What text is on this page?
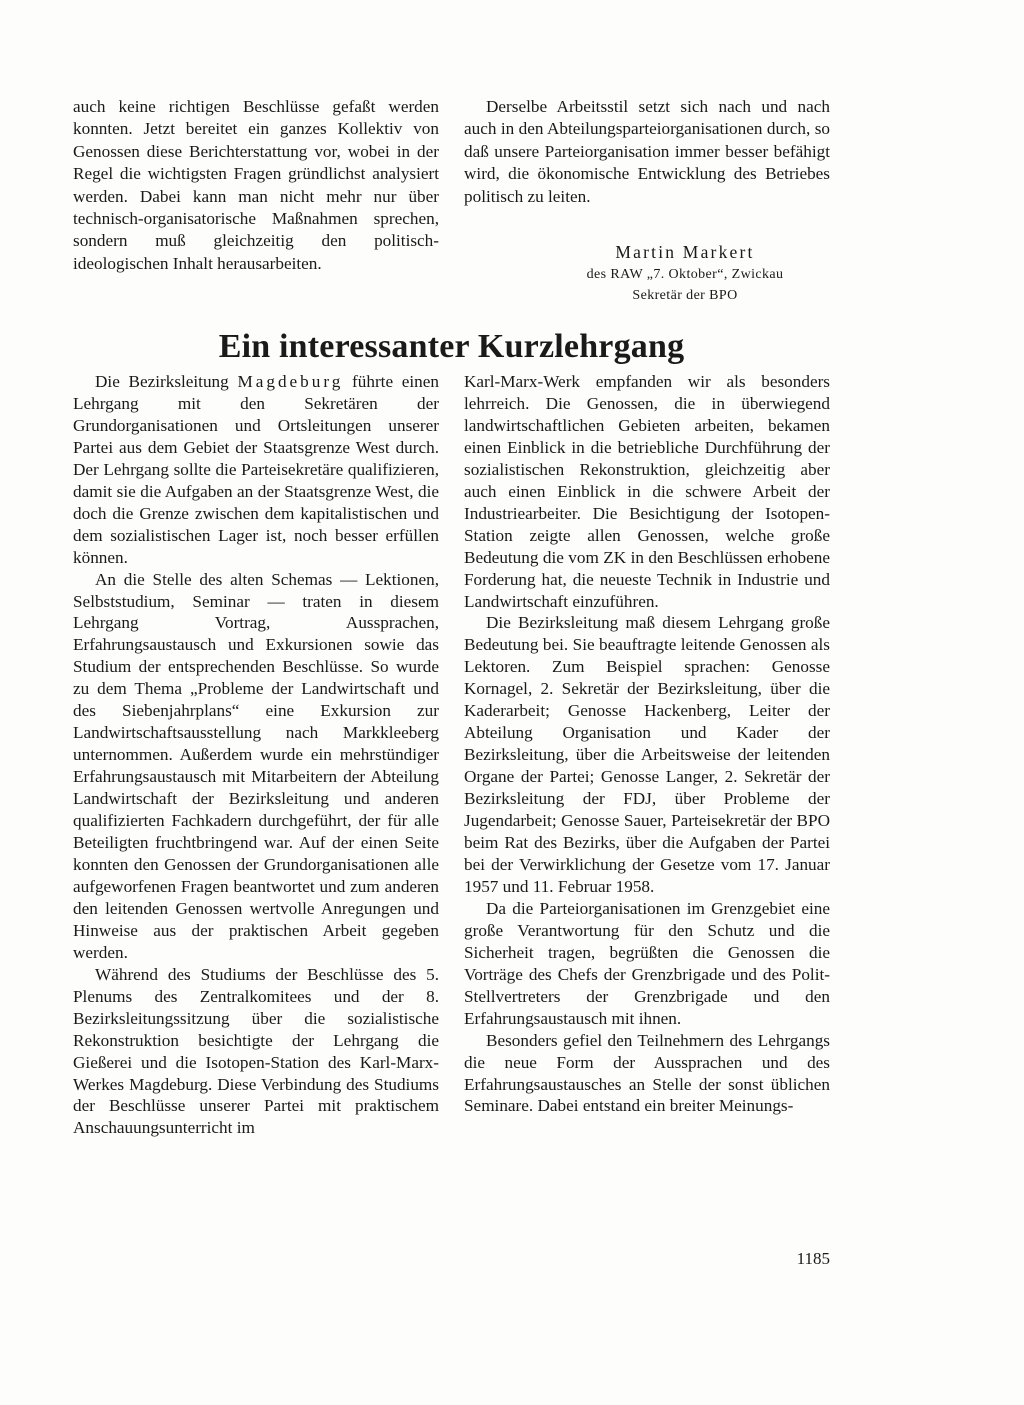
auch keine richtigen Beschlüsse gefaßt werden konnten. Jetzt bereitet ein ganzes Kollektiv von Genossen diese Berichterstattung vor, wobei in der Regel die wichtigsten Fragen gründlichst analysiert werden. Dabei kann man nicht mehr nur über technisch-organisatorische Maßnahmen sprechen, sondern muß gleichzeitig den politisch-ideologischen Inhalt herausarbeiten.

Derselbe Arbeitsstil setzt sich nach und nach auch in den Abteilungsparteiorganisationen durch, so daß unsere Parteiorganisation immer besser befähigt wird, die ökonomische Entwicklung des Betriebes politisch zu leiten.

Martin Markert
des RAW „7. Oktober“, Zwickau
Sekretär der BPO
Ein interessanter Kurzlehrgang

Die Bezirksleitung Magdeburg führte einen Lehrgang mit den Sekretären der Grundorganisationen und Ortsleitungen unserer Partei aus dem Gebiet der Staatsgrenze West durch. Der Lehrgang sollte die Parteisekretäre qualifizieren, damit sie die Aufgaben an der Staatsgrenze West, die doch die Grenze zwischen dem kapitalistischen und dem sozialistischen Lager ist, noch besser erfüllen können.

An die Stelle des alten Schemas — Lektionen, Selbststudium, Seminar — traten in diesem Lehrgang Vortrag, Aussprachen, Erfahrungsaustausch und Exkursionen sowie das Studium der entsprechenden Beschlüsse. So wurde zu dem Thema „Probleme der Landwirtschaft und des Siebenjahrplans“ eine Exkursion zur Landwirtschaftsausstellung nach Markkleeberg unternommen. Außerdem wurde ein mehrstündiger Erfahrungsaustausch mit Mitarbeitern der Abteilung Landwirtschaft der Bezirksleitung und anderen qualifizierten Fachkadern durchgeführt, der für alle Beteiligten fruchtbringend war. Auf der einen Seite konnten den Genossen der Grundorganisationen alle aufgeworfenen Fragen beantwortet und zum anderen den leitenden Genossen wertvolle Anregungen und Hinweise aus der praktischen Arbeit gegeben werden.

Während des Studiums der Beschlüsse des 5. Plenums des Zentralkomitees und der 8. Bezirksleitungssitzung über die sozialistische Rekonstruktion besichtigte der Lehrgang die Gießerei und die Isotopen-Station des Karl-Marx-Werkes Magdeburg. Diese Verbindung des Studiums der Beschlüsse unserer Partei mit praktischem Anschauungsunterricht im

Karl-Marx-Werk empfanden wir als besonders lehrreich. Die Genossen, die in überwiegend landwirtschaftlichen Gebieten arbeiten, bekamen einen Einblick in die betriebliche Durchführung der sozialistischen Rekonstruktion, gleichzeitig aber auch einen Einblick in die schwere Arbeit der Industriearbeiter. Die Besichtigung der Isotopen-Station zeigte allen Genossen, welche große Bedeutung die vom ZK in den Beschlüssen erhobene Forderung hat, die neueste Technik in Industrie und Landwirtschaft einzuführen.

Die Bezirksleitung maß diesem Lehrgang große Bedeutung bei. Sie beauftragte leitende Genossen als Lektoren. Zum Beispiel sprachen: Genosse Kornagel, 2. Sekretär der Bezirksleitung, über die Kaderarbeit; Genosse Hackenberg, Leiter der Abteilung Organisation und Kader der Bezirksleitung, über die Arbeitsweise der leitenden Organe der Partei; Genosse Langer, 2. Sekretär der Bezirksleitung der FDJ, über Probleme der Jugendarbeit; Genosse Sauer, Parteisekretär der BPO beim Rat des Bezirks, über die Aufgaben der Partei bei der Verwirklichung der Gesetze vom 17. Januar 1957 und 11. Februar 1958.

Da die Parteiorganisationen im Grenzgebiet eine große Verantwortung für den Schutz und die Sicherheit tragen, begrüßten die Genossen die Vorträge des Chefs der Grenzbrigade und des Polit-Stellvertreters der Grenzbrigade und den Erfahrungsaustausch mit ihnen.

Besonders gefiel den Teilnehmern des Lehrgangs die neue Form der Aussprachen und des Erfahrungsaustausches an Stelle der sonst üblichen Seminare. Dabei entstand ein breiter Meinungs-

1185
